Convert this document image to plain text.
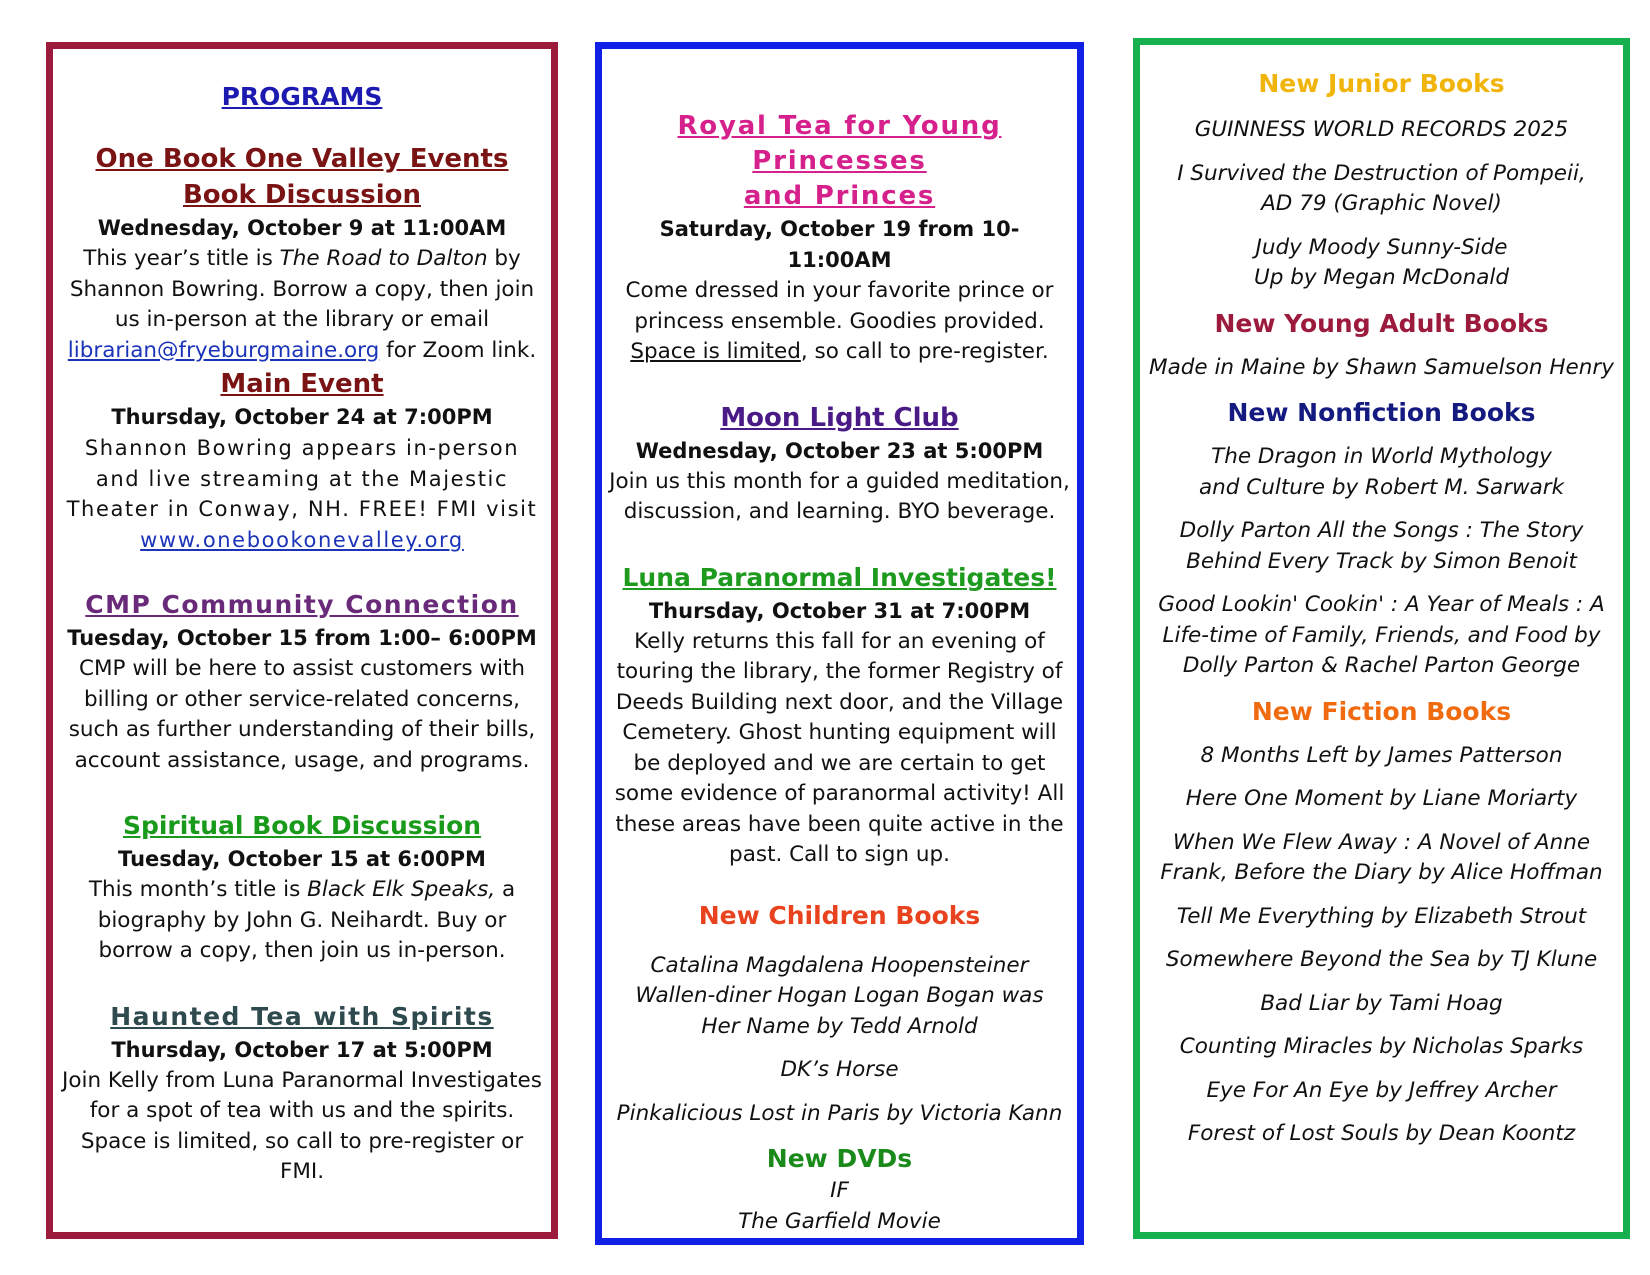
PROGRAMS

One Book One Valley Events

Book Discussion

Wednesday, October 9 at 11:00AM

This year’s title is The Road to Dalton by Shannon Bowring. Borrow a copy, then join us in-person at the library or email librarian@fryeburgmaine.org for Zoom link.

Main Event

Thursday, October 24 at 7:00PM

Shannon Bowring appears in-person and live streaming at the Majestic Theater in Conway, NH. FREE! FMI visit
www.onebookonevalley.org

CMP Community Connection

Tuesday, October 15 from 1:00– 6:00PM

CMP will be here to assist customers with billing or other service-related concerns, such as further understanding of their bills, account assistance, usage, and programs.

Spiritual Book Discussion

Tuesday, October 15 at 6:00PM

This month’s title is Black Elk Speaks, a biography by John G. Neihardt. Buy or borrow a copy, then join us in-person.

Haunted Tea with Spirits

Thursday, October 17 at 5:00PM

Join Kelly from Luna Paranormal Investigates for a spot of tea with us and the spirits. Space is limited, so call to pre-register or FMI.

Royal Tea for Young Princesses

and Princes

Saturday, October 19 from 10-11:00AM

Come dressed in your favorite prince or princess ensemble. Goodies provided. Space is limited, so call to pre-register.

Moon Light Club

Wednesday, October 23 at 5:00PM

Join us this month for a guided meditation, discussion, and learning. BYO beverage.

Luna Paranormal Investigates!

Thursday, October 31 at 7:00PM

Kelly returns this fall for an evening of touring the library, the former Registry of Deeds Building next door, and the Village Cemetery. Ghost hunting equipment will be deployed and we are certain to get some evidence of paranormal activity! All these areas have been quite active in the past. Call to sign up.

New Children Books

Catalina Magdalena Hoopensteiner Wallen-diner Hogan Logan Bogan was Her Name by Tedd Arnold

DK’s Horse

Pinkalicious Lost in Paris by Victoria Kann

New DVDs

IF

The Garfield Movie

New Junior Books

GUINNESS WORLD RECORDS 2025

I Survived the Destruction of Pompeii, AD 79 (Graphic Novel)

Judy Moody Sunny-Side Up by Megan McDonald

New Young Adult Books

Made in Maine by Shawn Samuelson Henry

New Nonfiction Books

The Dragon in World Mythology and Culture by Robert M. Sarwark

Dolly Parton All the Songs : The Story Behind Every Track by Simon Benoit

Good Lookin' Cookin' : A Year of Meals : A Life-time of Family, Friends, and Food by Dolly Parton & Rachel Parton George

New Fiction Books

8 Months Left by James Patterson

Here One Moment by Liane Moriarty

When We Flew Away : A Novel of Anne Frank, Before the Diary by Alice Hoffman

Tell Me Everything by Elizabeth Strout

Somewhere Beyond the Sea by TJ Klune

Bad Liar by Tami Hoag

Counting Miracles by Nicholas Sparks

Eye For An Eye by Jeffrey Archer

Forest of Lost Souls by Dean Koontz
